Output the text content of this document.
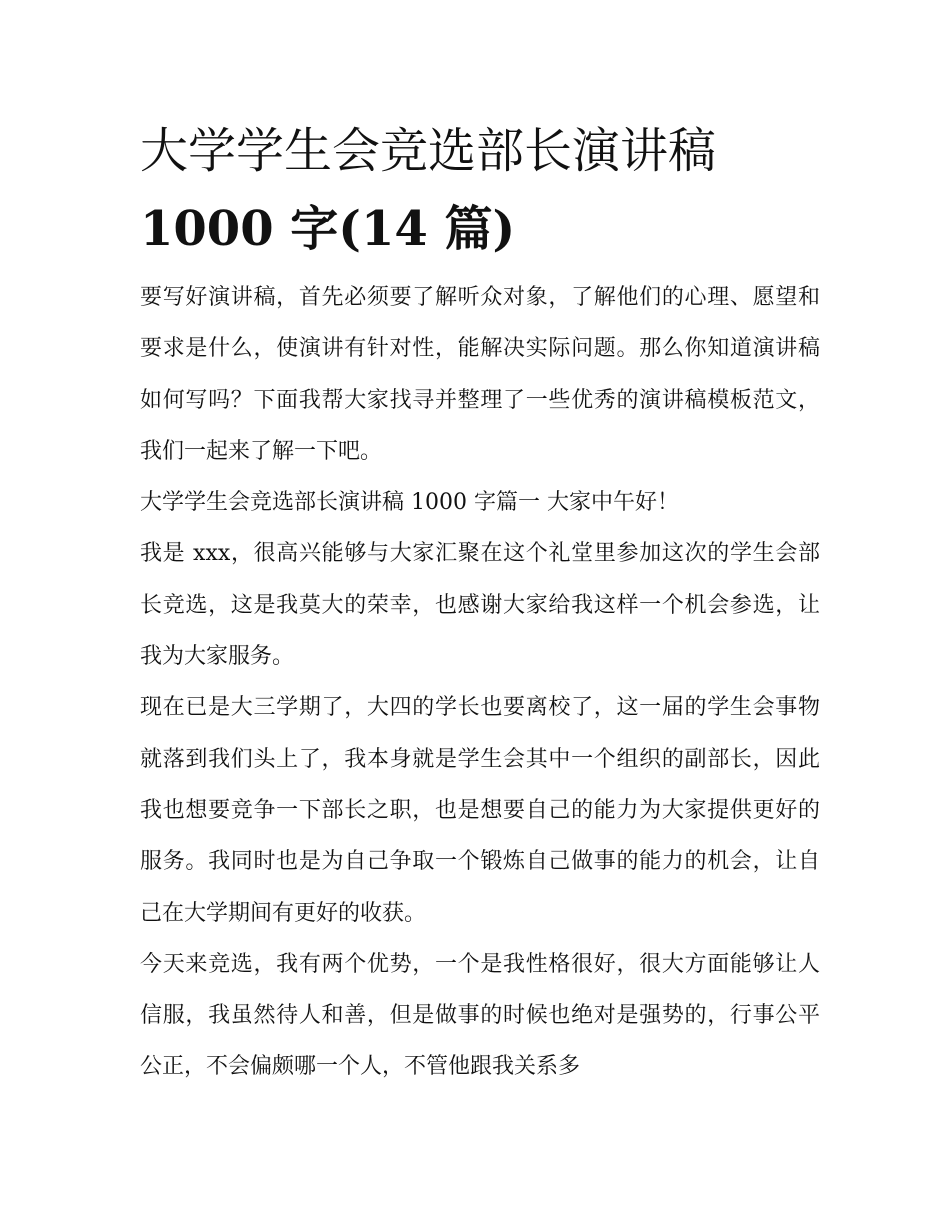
大学学生会竞选部长演讲稿
1000 字(14 篇)

要写好演讲稿，首先必须要了解听众对象，了解他们的心理、愿望和要求是什么，使演讲有针对性，能解决实际问题。那么你知道演讲稿如何写吗？下面我帮大家找寻并整理了一些优秀的演讲稿模板范文，我们一起来了解一下吧。

大学学生会竞选部长演讲稿 1000 字篇一 大家中午好！

我是 xxx，很高兴能够与大家汇聚在这个礼堂里参加这次的学生会部长竞选，这是我莫大的荣幸，也感谢大家给我这样一个机会参选，让我为大家服务。

现在已是大三学期了，大四的学长也要离校了，这一届的学生会事物就落到我们头上了，我本身就是学生会其中一个组织的副部长，因此我也想要竞争一下部长之职，也是想要自己的能力为大家提供更好的服务。我同时也是为自己争取一个锻炼自己做事的能力的机会，让自己在大学期间有更好的收获。

今天来竞选，我有两个优势，一个是我性格很好，很大方面能够让人信服，我虽然待人和善，但是做事的时候也绝对是强势的，行事公平公正，不会偏颇哪一个人，不管他跟我关系多
